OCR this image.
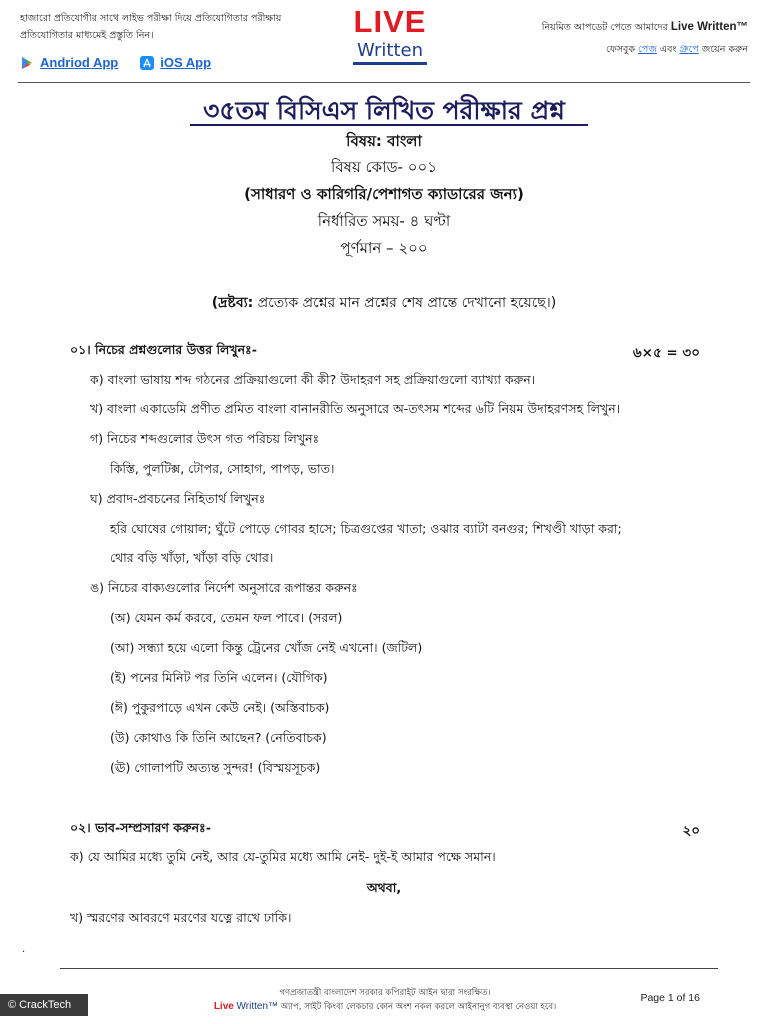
হাজারো প্রতিযোগীর সাথে লাইভ পরীক্ষা দিয়ে প্রতিযোগিতার পরীক্ষায়
প্রতিযোগিতার মাধ্যমেই প্রস্তুতি নিন।
Andriod App	iOS App
LIVE
Written
নিয়মিত আপডেট পেতে আমাদের Live Written™
ফেসবুক পেজ এবং গ্রুপে জয়েন করুন
৩৫তম বিসিএস লিখিত পরীক্ষার প্রশ্ন
বিষয়: বাংলা
বিষয় কোড- ০০১
(সাধারণ ও কারিগরি/পেশাগত ক্যাডারের জন্য)
নির্ধারিত সময়- ৪ ঘণ্টা
পূর্ণমান – ২০০
(দ্রষ্টব্য: প্রত্যেক প্রশ্নের মান প্রশ্নের শেষ প্রান্তে দেখানো হয়েছে।)
০১। নিচের প্রশ্নগুলোর উত্তর লিখুনঃ-	৬×৫ = ৩০
ক) বাংলা ভাষায় শব্দ গঠনের প্রক্রিয়াগুলো কী কী? উদাহরণ সহ প্রক্রিয়াগুলো ব্যাখ্যা করুন।
খ) বাংলা একাডেমি প্রণীত প্রমিত বাংলা বানানরীতি অনুসারে অ-তৎসম শব্দের ৬টি নিয়ম উদাহরণসহ লিখুন।
গ) নিচের শব্দগুলোর উৎস গত পরিচয় লিখুনঃ
কিস্তি, পুলটিক্স, টোপর, সোহাগ, পাপড়, ভাত।
ঘ) প্রবাদ-প্রবচনের নিহিতার্থ লিখুনঃ
হরি ঘোষের গোয়াল; ঘুঁটে পোড়ে গোবর হাসে; চিত্রগুপ্তের খাতা; ওঝার ব্যাটা বনগুর; শিখণ্ডী খাড়া করা;
থোর বড়ি খাঁড়া, খাঁড়া বড়ি থোর।
ঙ) নিচের বাক্যগুলোর নির্দেশ অনুসারে রূপান্তর করুনঃ
(অ) যেমন কর্ম করবে, তেমন ফল পাবে। (সরল)
(আ) সন্ধ্যা হয়ে এলো কিন্তু ট্রেনের খোঁজ নেই এখনো। (জটিল)
(ই) পনের মিনিট পর তিনি এলেন। (যৌগিক)
(ঈ) পুকুরপাড়ে এখন কেউ নেই। (অস্তিবাচক)
(উ) কোথাও কি তিনি আছেন? (নেতিবাচক)
(ঊ) গোলাপটি অত্যন্ত সুন্দর! (বিস্ময়সূচক)
০২। ভাব-সম্প্রসারণ করুনঃ-	২০
ক) যে আমির মধ্যে তুমি নেই, আর যে-তুমির মধ্যে আমি নেই- দুই-ই আমার পক্ষে সমান।
অথবা,
খ) স্মরণের আবরণে মরণের যত্নে রাখে ঢাকি।
.
গণপ্রজাতন্ত্রী বাংলাদেশ সরকার কপিরাইট আইন দ্বারা সংরক্ষিত।
Live Written™ অ্যাপ, সাইট কিংবা লেকচার কোন অংশ নকল করলে আইনানুগ ব্যবস্থা নেওয়া হবে।
Page 1 of 16
© CrackTech
